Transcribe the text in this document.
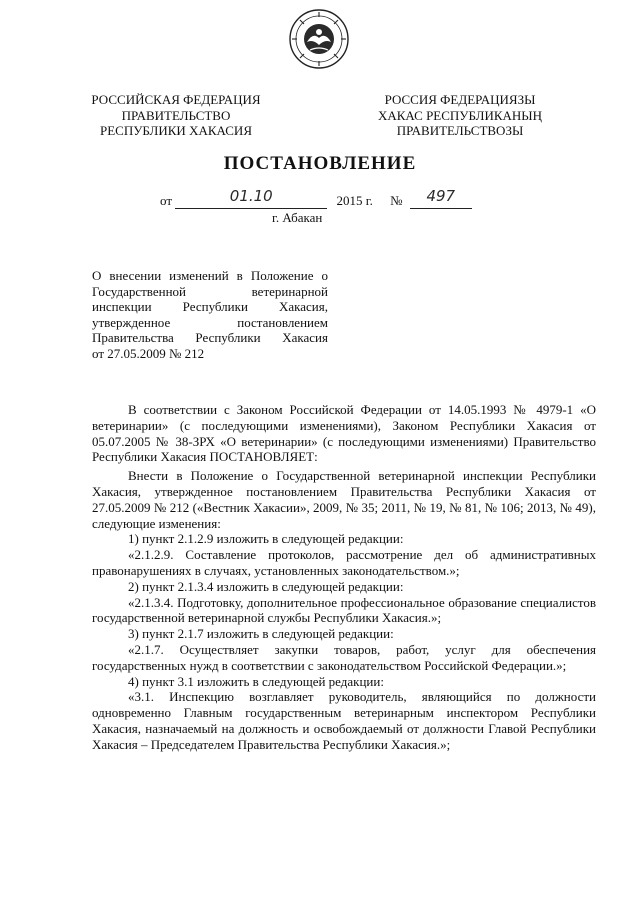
РОССИЙСКАЯ ФЕДЕРАЦИЯ
ПРАВИТЕЛЬСТВО
РЕСПУБЛИКИ ХАКАСИЯ
РОССИЯ ФЕДЕРАЦИЯЗЫ
ХАКАС РЕСПУБЛИКАНЫҢ
ПРАВИТЕЛЬСТВОЗЫ
ПОСТАНОВЛЕНИЕ
от	01.10	2015 г. №	497
г. Абакан
О внесении изменений в Положение о
Государственной ветеринарной
инспекции Республики Хакасия,
утвержденное постановлением
Правительства Республики Хакасия
от 27.05.2009 № 212

В соответствии с Законом Российской Федерации от 14.05.1993 № 4979-1 «О ветеринарии» (с последующими изменениями), Законом Республики Хакасия от 05.07.2005 № 38-ЗРХ «О ветеринарии» (с последующими изменениями) Правительство Республики Хакасия ПОСТАНОВЛЯЕТ:

Внести в Положение о Государственной ветеринарной инспекции Республики Хакасия, утвержденное постановлением Правительства Республики Хакасия от 27.05.2009 № 212 («Вестник Хакасии», 2009, № 35; 2011, № 19, № 81, № 106; 2013, № 49), следующие изменения:

1) пункт 2.1.2.9 изложить в следующей редакции:

«2.1.2.9. Составление протоколов, рассмотрение дел об административных правонарушениях в случаях, установленных законодательством.»;

2) пункт 2.1.3.4 изложить в следующей редакции:

«2.1.3.4. Подготовку, дополнительное профессиональное образование специалистов государственной ветеринарной службы Республики Хакасия.»;

3) пункт 2.1.7 изложить в следующей редакции:

«2.1.7. Осуществляет закупки товаров, работ, услуг для обеспечения государственных нужд в соответствии с законодательством Российской Федерации.»;

4) пункт 3.1 изложить в следующей редакции:

«3.1. Инспекцию возглавляет руководитель, являющийся по должности одновременно Главным государственным ветеринарным инспектором Республики Хакасия, назначаемый на должность и освобождаемый от должности Главой Республики Хакасия – Председателем Правительства Республики Хакасия.»;
